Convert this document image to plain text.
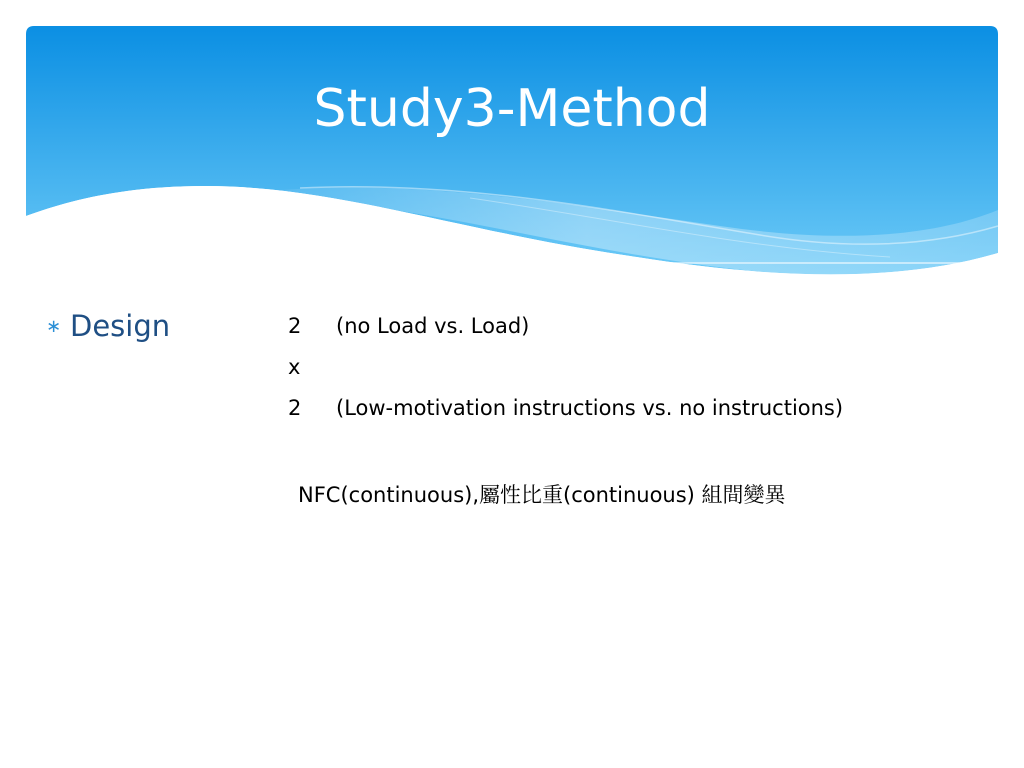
Study3-Method
∗ Design	2	(no Load vs. Load)
x
2	(Low-motivation instructions vs. no instructions)
NFC(continuous),屬性比重(continuous) 組間變異
